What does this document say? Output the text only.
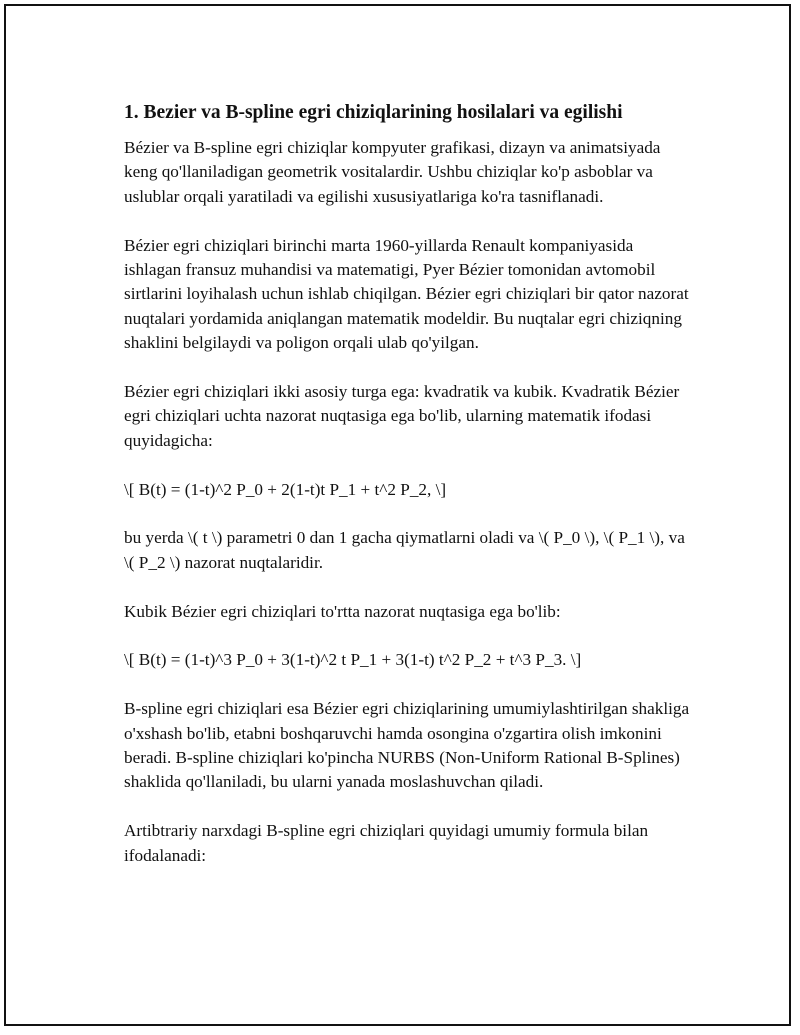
1. Bezier va B-spline egri chiziqlarining hosilalari va egilishi

Bézier va B-spline egri chiziqlar kompyuter grafikasi, dizayn va animatsiyada keng qo'llaniladigan geometrik vositalardir. Ushbu chiziqlar ko'p asboblar va uslublar orqali yaratiladi va egilishi xususiyatlariga ko'ra tasniflanadi.

Bézier egri chiziqlari birinchi marta 1960-yillarda Renault kompaniyasida ishlagan fransuz muhandisi va matematigi, Pyer Bézier tomonidan avtomobil sirtlarini loyihalash uchun ishlab chiqilgan. Bézier egri chiziqlari bir qator nazorat nuqtalari yordamida aniqlangan matematik modeldir. Bu nuqtalar egri chiziqning shaklini belgilaydi va poligon orqali ulab qo'yilgan.

Bézier egri chiziqlari ikki asosiy turga ega: kvadratik va kubik. Kvadratik Bézier egri chiziqlari uchta nazorat nuqtasiga ega bo'lib, ularning matematik ifodasi quyidagicha:

\[ B(t) = (1-t)^2 P_0 + 2(1-t)t P_1 + t^2 P_2, \]

bu yerda \( t \) parametri 0 dan 1 gacha qiymatlarni oladi va \( P_0 \), \( P_1 \), va \( P_2 \) nazorat nuqtalaridir.

Kubik Bézier egri chiziqlari to'rtta nazorat nuqtasiga ega bo'lib:

\[ B(t) = (1-t)^3 P_0 + 3(1-t)^2 t P_1 + 3(1-t) t^2 P_2 + t^3 P_3. \]

B-spline egri chiziqlari esa Bézier egri chiziqlarining umumiylashtirilgan shakliga o'xshash bo'lib, etabni boshqaruvchi hamda osongina o'zgartira olish imkonini beradi. B-spline chiziqlari ko'pincha NURBS (Non-Uniform Rational B-Splines) shaklida qo'llaniladi, bu ularni yanada moslashuvchan qiladi.

Artibtrariy narxdagi B-spline egri chiziqlari quyidagi umumiy formula bilan ifodalanadi:
